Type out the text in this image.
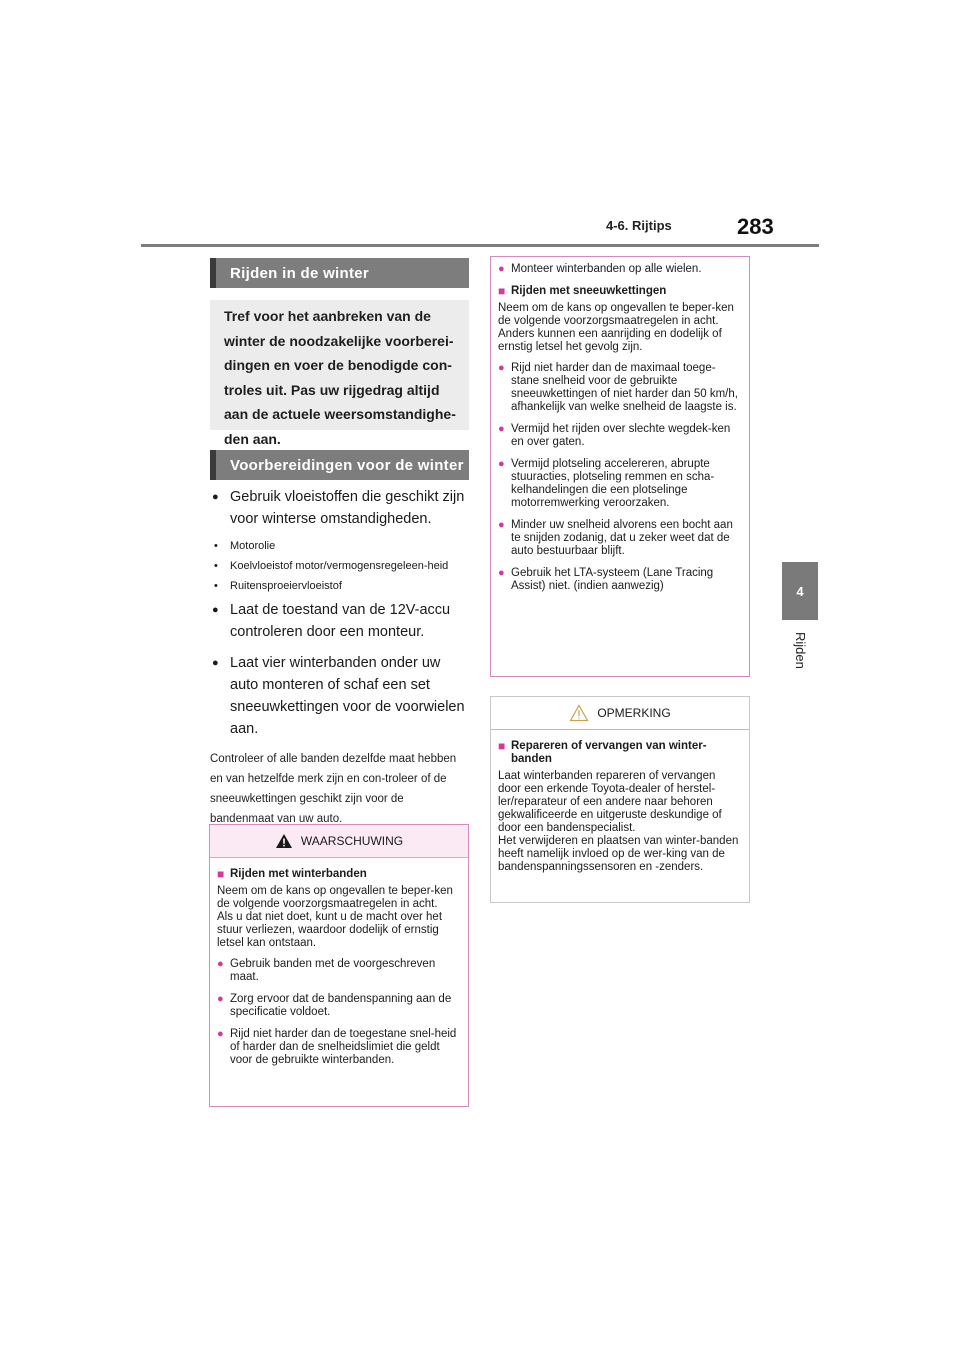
4-6. Rijtips	283
4
Rijden
Rijden in de winter
Tref voor het aanbreken van de winter de noodzakelijke voorberei-dingen en voer de benodigde con-troles uit. Pas uw rijgedrag altijd aan de actuele weersomstandighe-den aan.
Voorbereidingen voor de winter
● Gebruik vloeistoffen die geschikt zijn voor winterse omstandigheden.
•	Motorolie
•	Koelvloeistof motor/vermogensregeleen-heid
•	Ruitensproeiervloeistof
● Laat de toestand van de 12V-accu controleren door een monteur.
● Laat vier winterbanden onder uw auto monteren of schaf een set sneeuwkettingen voor de voorwielen aan.
Controleer of alle banden dezelfde maat hebben en van hetzelfde merk zijn en con-troleer of de sneeuwkettingen geschikt zijn voor de bandenmaat van uw auto.
WAARSCHUWING
■ Rijden met winterbanden
Neem om de kans op ongevallen te beper-ken de volgende voorzorgsmaatregelen in acht.
Als u dat niet doet, kunt u de macht over het stuur verliezen, waardoor dodelijk of ernstig letsel kan ontstaan.
● Gebruik banden met de voorgeschreven maat.
● Zorg ervoor dat de bandenspanning aan de specificatie voldoet.
● Rijd niet harder dan de toegestane snel-heid of harder dan de snelheidslimiet die geldt voor de gebruikte winterbanden.
● Monteer winterbanden op alle wielen.
■ Rijden met sneeuwkettingen
Neem om de kans op ongevallen te beper-ken de volgende voorzorgsmaatregelen in acht.
Anders kunnen een aanrijding en dodelijk of ernstig letsel het gevolg zijn.
● Rijd niet harder dan de maximaal toege-stane snelheid voor de gebruikte sneeuwkettingen of niet harder dan 50 km/h, afhankelijk van welke snelheid de laagste is.
● Vermijd het rijden over slechte wegdek-ken en over gaten.
● Vermijd plotseling accelereren, abrupte stuuracties, plotseling remmen en scha-kelhandelingen die een plotselinge motorremwerking veroorzaken.
● Minder uw snelheid alvorens een bocht aan te snijden zodanig, dat u zeker weet dat de auto bestuurbaar blijft.
● Gebruik het LTA-systeem (Lane Tracing Assist) niet. (indien aanwezig)
OPMERKING
■ Repareren of vervangen van winter-banden
Laat winterbanden repareren of vervangen door een erkende Toyota-dealer of herstel-ler/reparateur of een andere naar behoren gekwalificeerde en uitgeruste deskundige of door een bandenspecialist.
Het verwijderen en plaatsen van winter-banden heeft namelijk invloed op de wer-king van de bandenspanningssensoren en -zenders.
